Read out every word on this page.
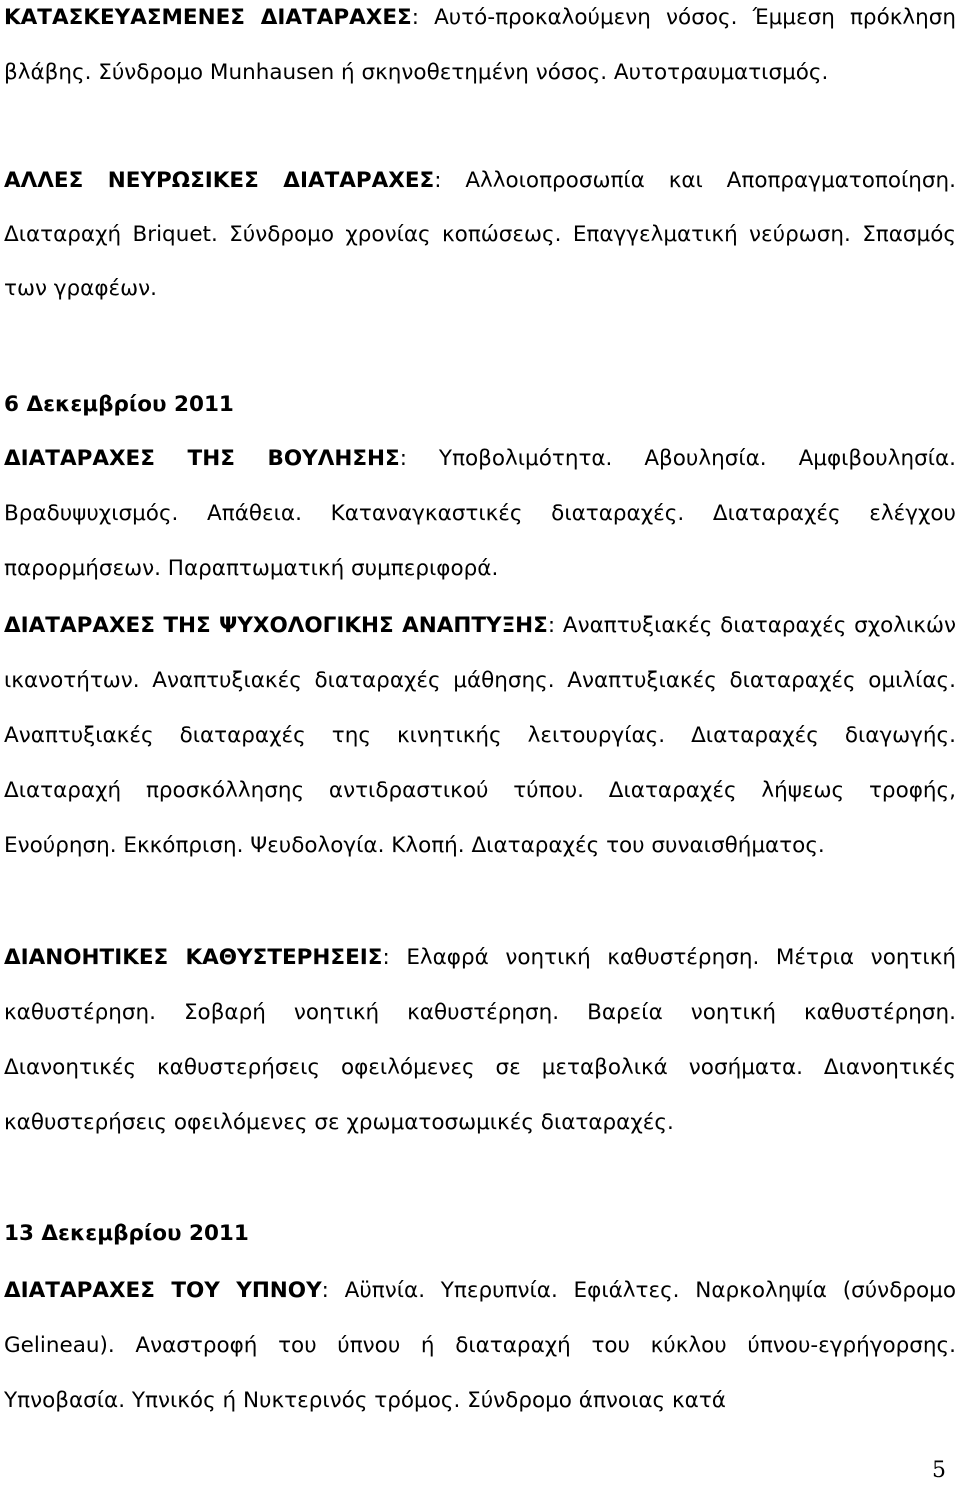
ΚΑΤΑΣΚΕΥΑΣΜΕΝΕΣ ΔΙΑΤΑΡΑΧΕΣ: Αυτό-προκαλούμενη νόσος. Έμμεση πρόκληση βλάβης. Σύνδρομο Munhausen ή σκηνοθετημένη νόσος. Αυτοτραυματισμός.

ΑΛΛΕΣ ΝΕΥΡΩΣΙΚΕΣ ΔΙΑΤΑΡΑΧΕΣ: Αλλοιοπροσωπία και Αποπραγματοποίηση. Διαταραχή Briquet. Σύνδρομο χρονίας κοπώσεως. Επαγγελματική νεύρωση. Σπασμός των γραφέων.

6 Δεκεμβρίου 2011

ΔΙΑΤΑΡΑΧΕΣ ΤΗΣ ΒΟΥΛΗΣΗΣ: Υποβολιμότητα. Αβουλησία. Αμφιβουλησία. Βραδυψυχισμός. Απάθεια. Καταναγκαστικές διαταραχές. Διαταραχές ελέγχου παρορμήσεων. Παραπτωματική συμπεριφορά.

ΔΙΑΤΑΡΑΧΕΣ ΤΗΣ ΨΥΧΟΛΟΓΙΚΗΣ ΑΝΑΠΤΥΞΗΣ: Αναπτυξιακές διαταραχές σχολικών ικανοτήτων. Αναπτυξιακές διαταραχές μάθησης. Αναπτυξιακές διαταραχές ομιλίας. Αναπτυξιακές διαταραχές της κινητικής λειτουργίας. Διαταραχές διαγωγής. Διαταραχή προσκόλλησης αντιδραστικού τύπου. Διαταραχές λήψεως τροφής, Ενούρηση. Εκκόπριση. Ψευδολογία. Κλοπή. Διαταραχές του συναισθήματος.

ΔΙΑΝΟΗΤΙΚΕΣ ΚΑΘΥΣΤΕΡΗΣΕΙΣ: Ελαφρά νοητική καθυστέρηση. Μέτρια νοητική καθυστέρηση. Σοβαρή νοητική καθυστέρηση. Βαρεία νοητική καθυστέρηση. Διανοητικές καθυστερήσεις οφειλόμενες σε μεταβολικά νοσήματα. Διανοητικές καθυστερήσεις οφειλόμενες σε χρωματοσωμικές διαταραχές.

13 Δεκεμβρίου 2011

ΔΙΑΤΑΡΑΧΕΣ ΤΟΥ ΥΠΝΟΥ: Αϋπνία. Υπερυπνία. Εφιάλτες. Ναρκοληψία (σύνδρομο Gelineau). Αναστροφή του ύπνου ή διαταραχή του κύκλου ύπνου-εγρήγορσης. Υπνοβασία. Υπνικός ή Νυκτερινός τρόμος. Σύνδρομο άπνοιας κατά

5
